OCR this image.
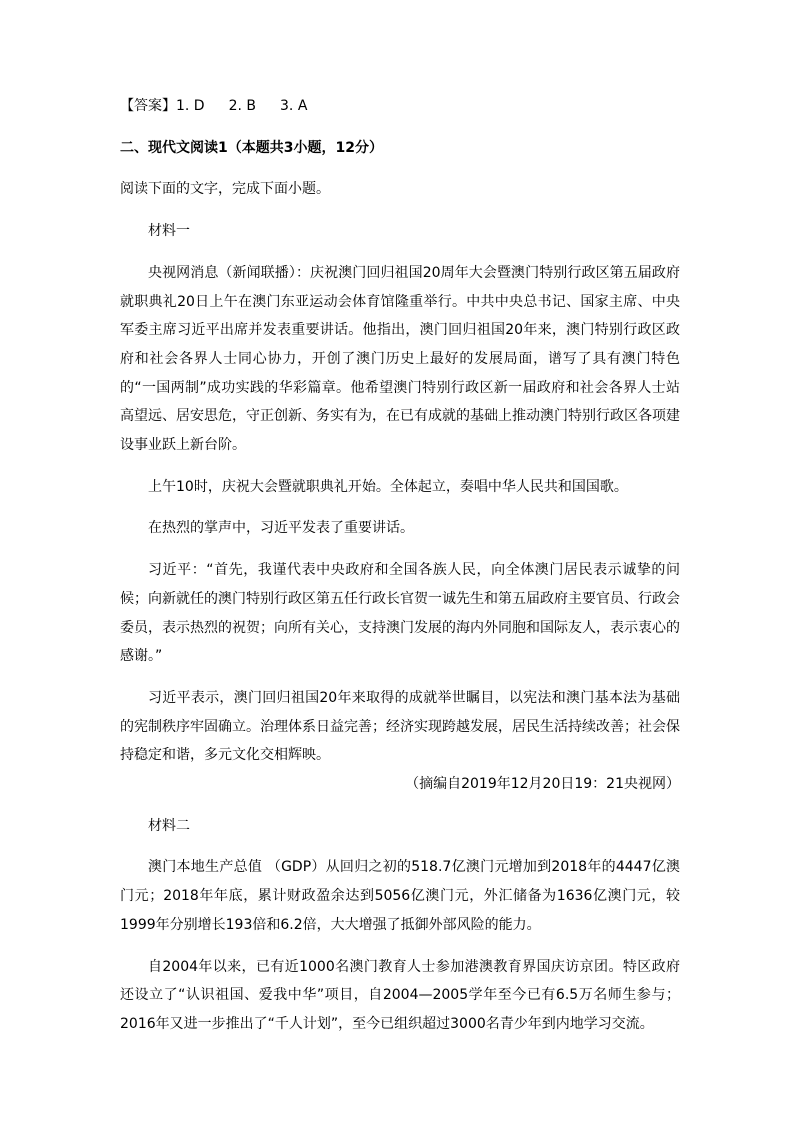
【答案】1. D 2. B 3. A

二、现代文阅读1（本题共3小题，12分）

阅读下面的文字，完成下面小题。

材料一

央视网消息（新闻联播）：庆祝澳门回归祖国20周年大会暨澳门特别行政区第五届政府就职典礼20日上午在澳门东亚运动会体育馆隆重举行。中共中央总书记、国家主席、中央军委主席习近平出席并发表重要讲话。他指出，澳门回归祖国20年来，澳门特别行政区政府和社会各界人士同心协力，开创了澳门历史上最好的发展局面，谱写了具有澳门特色的“一国两制”成功实践的华彩篇章。他希望澳门特别行政区新一届政府和社会各界人士站高望远、居安思危，守正创新、务实有为，在已有成就的基础上推动澳门特别行政区各项建设事业跃上新台阶。

上午10时，庆祝大会暨就职典礼开始。全体起立，奏唱中华人民共和国国歌。

在热烈的掌声中，习近平发表了重要讲话。

习近平：“首先，我谨代表中央政府和全国各族人民，向全体澳门居民表示诚挚的问候；向新就任的澳门特别行政区第五任行政长官贺一诚先生和第五届政府主要官员、行政会委员，表示热烈的祝贺；向所有关心，支持澳门发展的海内外同胞和国际友人，表示衷心的感谢。”

习近平表示，澳门回归祖国20年来取得的成就举世瞩目，以宪法和澳门基本法为基础的宪制秩序牢固确立。治理体系日益完善；经济实现跨越发展，居民生活持续改善；社会保持稳定和谐，多元文化交相辉映。

（摘编自2019年12月20日19：21央视网）

材料二

澳门本地生产总值 （GDP）从回归之初的518.7亿澳门元增加到2018年的4447亿澳门元；2018年年底，累计财政盈余达到5056亿澳门元，外汇储备为1636亿澳门元，较1999年分别增长193倍和6.2倍，大大增强了抵御外部风险的能力。

自2004年以来，已有近1000名澳门教育人士参加港澳教育界国庆访京团。特区政府还设立了“认识祖国、爱我中华”项目，自2004—2005学年至今已有6.5万名师生参与；2016年又进一步推出了“千人计划”，至今已组织超过3000名青少年到内地学习交流。
